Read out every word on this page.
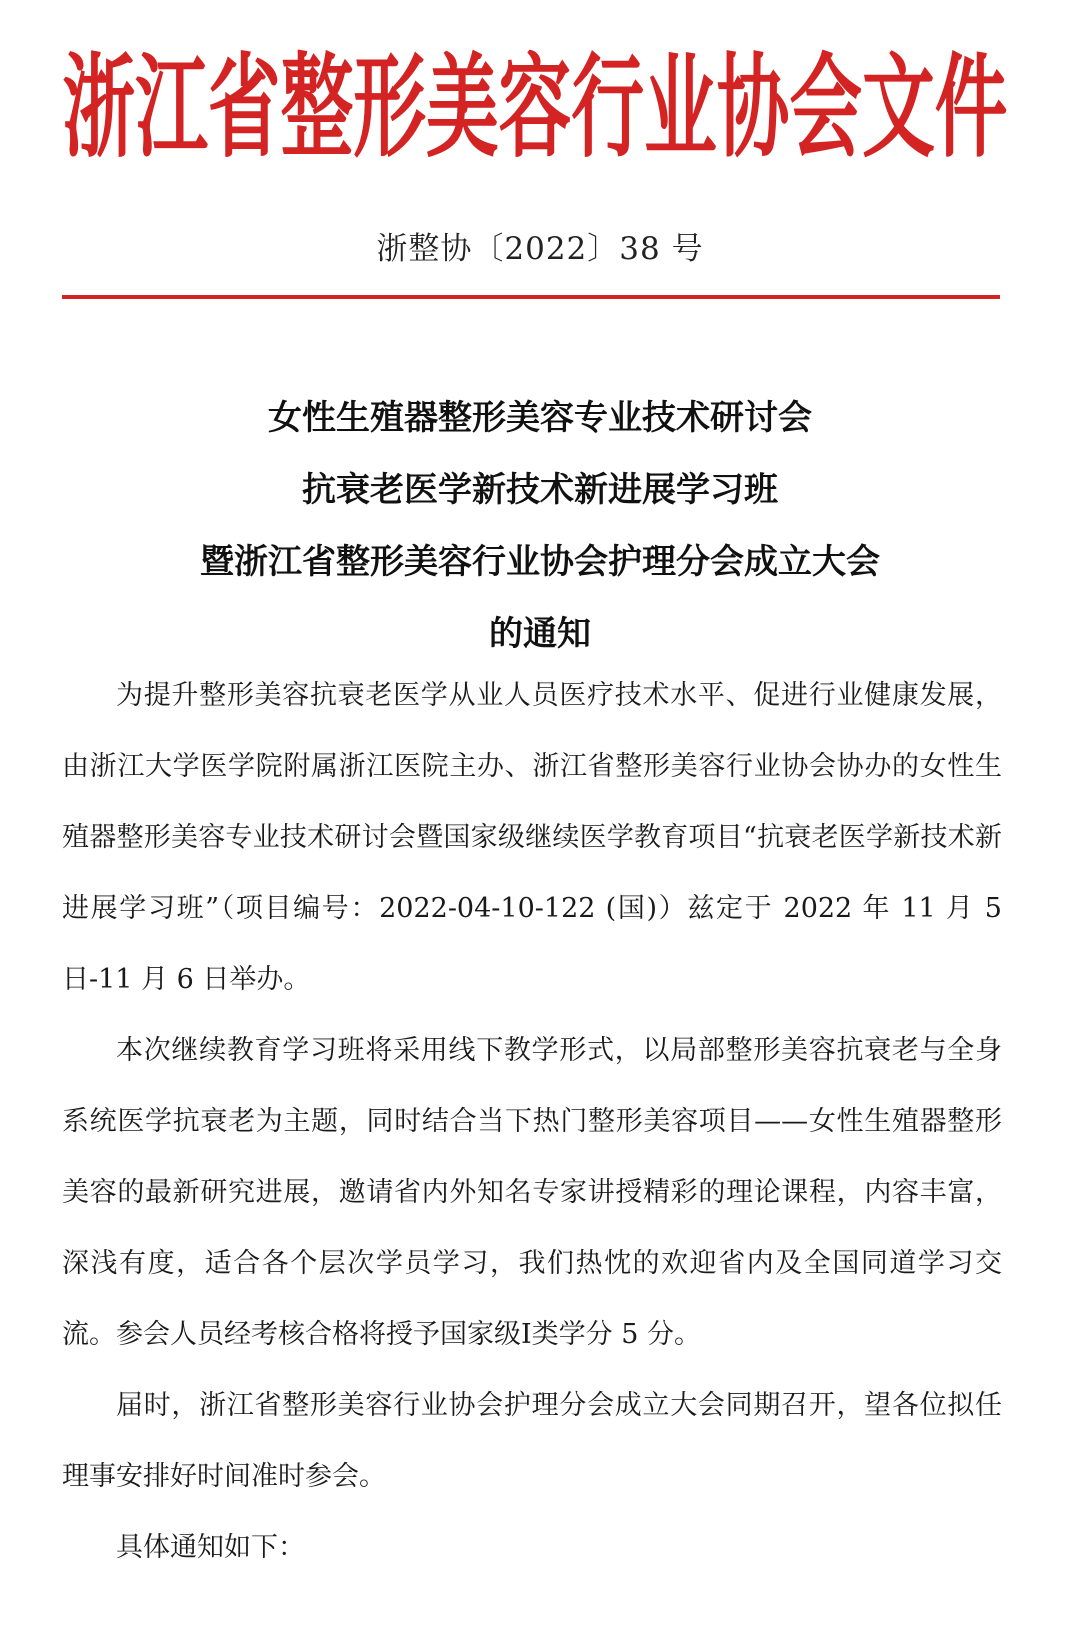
浙江省整形美容行业协会文件
浙整协〔2022〕38 号
女性生殖器整形美容专业技术研讨会
抗衰老医学新技术新进展学习班
暨浙江省整形美容行业协会护理分会成立大会
的通知

为提升整形美容抗衰老医学从业人员医疗技术水平、促进行业健康发展，由浙江大学医学院附属浙江医院主办、浙江省整形美容行业协会协办的女性生殖器整形美容专业技术研讨会暨国家级继续医学教育项目“抗衰老医学新技术新进展学习班”（项目编号：2022-04-10-122 (国)）兹定于 2022 年 11 月 5 日-11 月 6 日举办。

本次继续教育学习班将采用线下教学形式，以局部整形美容抗衰老与全身系统医学抗衰老为主题，同时结合当下热门整形美容项目——女性生殖器整形美容的最新研究进展，邀请省内外知名专家讲授精彩的理论课程，内容丰富，深浅有度，适合各个层次学员学习，我们热忱的欢迎省内及全国同道学习交流。参会人员经考核合格将授予国家级Ⅰ类学分 5 分。

届时，浙江省整形美容行业协会护理分会成立大会同期召开，望各位拟任理事安排好时间准时参会。

具体通知如下：
